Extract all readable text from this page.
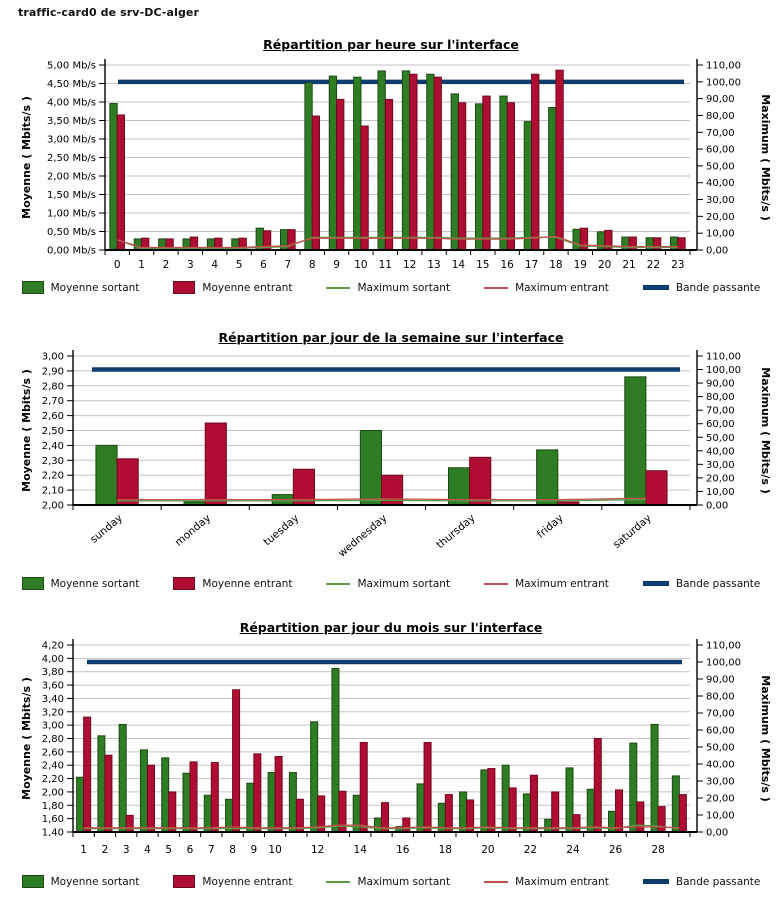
traffic-card0 de srv-DC-alger
Répartition par heure sur l'interface
0,00 Mb/s
0,50 Mb/s
1,00 Mb/s
1,50 Mb/s
2,00 Mb/s
2,50 Mb/s
3,00 Mb/s
3,50 Mb/s
4,00 Mb/s
4,50 Mb/s
5,00 Mb/s
0,00
10,00
20,00
30,00
40,00
50,00
60,00
70,00
80,00
90,00
100,00
110,00
0 1 2 3 4 5 6 7 8 9 10 11 12 13 14 15 16 17 18 19 20 21 22 23
Moyenne ( Mbits/s )	Maximum ( Mbits/s )
Moyenne sortant	Moyenne entrant	Maximum sortant	Maximum entrant	Bande passante
Répartition par jour de la semaine sur l'interface
2,00
2,10
2,20
2,30
2,40
2,50
2,60
2,70
2,80
2,90
3,00
0,00
10,00
20,00
30,00
40,00
50,00
60,00
70,00
80,00
90,00
100,00
110,00
sunday	monday	tuesday	wednesday	thursday	friday	saturday
Moyenne ( Mbits/s )	Maximum ( Mbits/s )
Moyenne sortant	Moyenne entrant	Maximum sortant	Maximum entrant	Bande passante
Répartition par jour du mois sur l'interface
1,40
1,60
1,80
2,00
2,20
2,40
2,60
2,80
3,00
3,20
3,40
3,60
3,80
4,00
4,20
0,00
10,00
20,00
30,00
40,00
50,00
60,00
70,00
80,00
90,00
100,00
110,00
1 2 3 4 5 6 7 8 9 10	12	14	16	18	20	22	24	26	28
Moyenne ( Mbits/s )	Maximum ( Mbits/s )
Moyenne sortant	Moyenne entrant	Maximum sortant	Maximum entrant	Bande passante
